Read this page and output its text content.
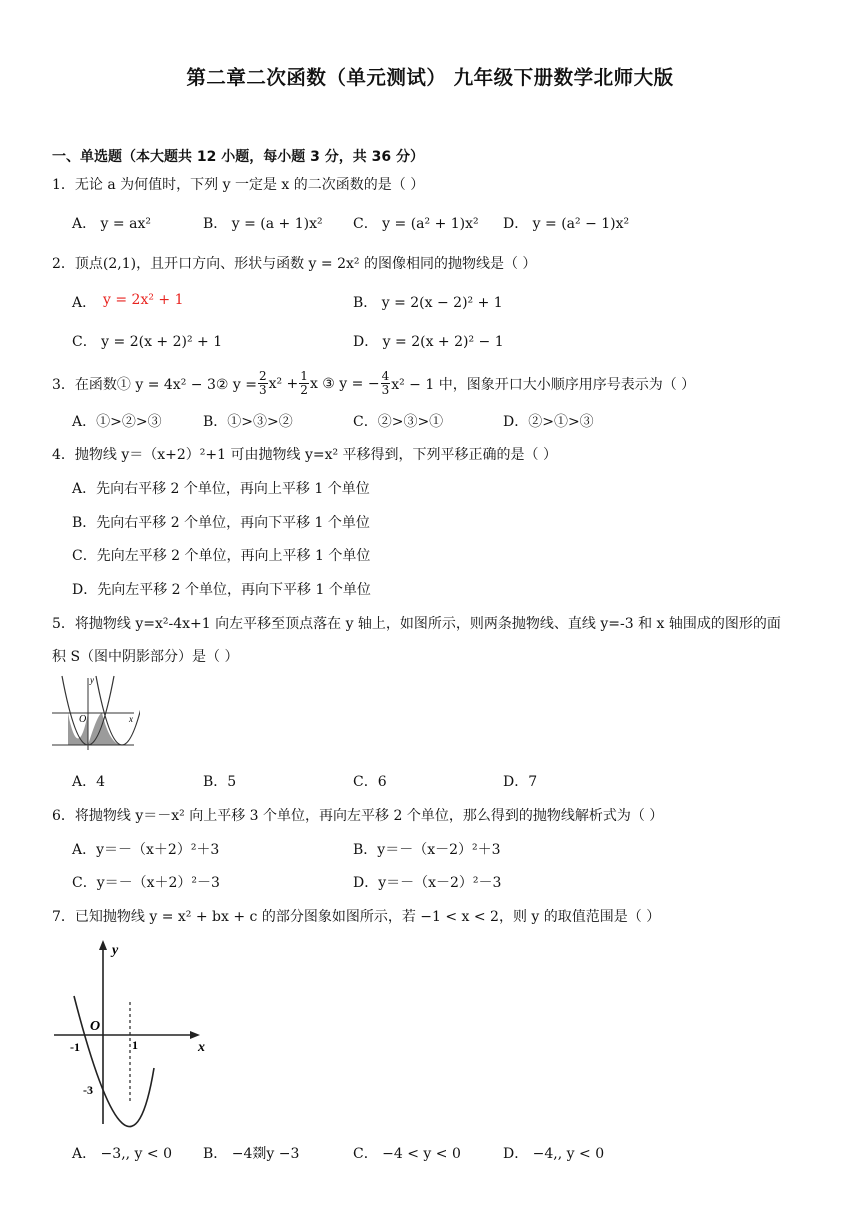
第二章二次函数（单元测试） 九年级下册数学北师大版
一、单选题（本大题共 12 小题，每小题 3 分，共 36 分）
1．无论 a 为何值时，下列 y 一定是 x 的二次函数的是（ ）
A． y = ax²	B． y = (a + 1)x² C． y = (a² + 1)x² D． y = (a² − 1)x²
2．顶点(2,1)，且开口方向、形状与函数 y = 2x² 的图像相同的抛物线是（ ）
A． y = 2x² + 1	B． y = 2(x − 2)² + 1
C． y = 2(x + 2)² + 1	D． y = 2(x + 2)² − 1
3．在函数① y = 4x² − 3② $y = \frac{2}{3} x^2 + \frac{1}{2}$ x ③ y = − $\frac{4}{3} x^2 - 1$ 中，图象开口大小顺序用序号表示为（ ）
A．①>②>③	B．①>③>②	C．②>③>①	D．②>①>③
4．抛物线 y＝（x+2）²+1 可由抛物线 y=x² 平移得到，下列平移正确的是（ ）
A．先向右平移 2 个单位，再向上平移 1 个单位
B．先向右平移 2 个单位，再向下平移 1 个单位
C．先向左平移 2 个单位，再向上平移 1 个单位
D．先向左平移 2 个单位，再向下平移 1 个单位
5．将抛物线 y=x²-4x+1 向左平移至顶点落在 y 轴上，如图所示，则两条抛物线、直线 y=-3 和 x 轴围成的图形的面
积 S（图中阴影部分）是（ ）
y
O	x
A．4	B．5	C．6	D．7
6．将抛物线 y＝－x² 向上平移 3 个单位，再向左平移 2 个单位，那么得到的抛物线解析式为（ ）
A．y＝－（x＋2）²＋3	B．y＝－（x－2）²＋3
C．y＝－（x＋2）²－3	D．y＝－（x－2）²－3
7．已知抛物线 y = x² + bx + c 的部分图象如图所示，若 −1 < x < 2，则 y 的取值范围是（ ）
y
O
x
-1	1
-3
A． −3,, y < 0 B． −4剟y −3	C． −4 < y < 0	D． −4,, y < 0
